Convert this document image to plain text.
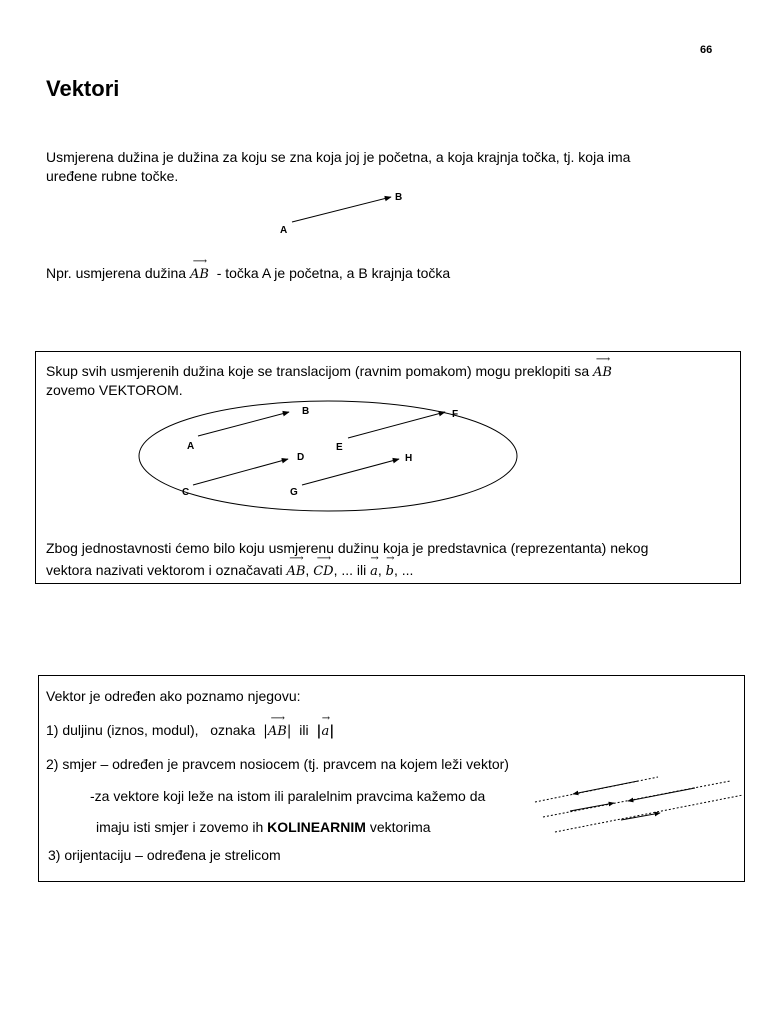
66
Vektori
Usmjerena dužina je dužina za koju se zna koja joj je početna, a koja krajnja točka, tj. koja ima
uređene rubne točke.
A
B
Npr. usmjerena dužina
⟶
AB - točka A je početna, a B krajnja točka
Skup svih usmjerenih dužina koje se translacijom (ravnim pomakom) mogu preklopiti sa
⟶
AB
zovemo VEKTOROM.
A
B
C
D
E
F
G
H
Zbog jednostavnosti ćemo bilo koju usmjerenu dužinu koja je predstavnica (reprezentanta) nekog
vektora nazivati vektorom i označavati
⟶
AB,
⟶
CD, ... ili
→
a,
→
b, ...
Vektor je određen ako poznamo njegovu:
1) duljinu (iznos, modul), oznaka |
⟶
AB| ili |
→
a|
2) smjer – određen je pravcem nosiocem (tj. pravcem na kojem leži vektor)
-za vektore koji leže na istom ili paralelnim pravcima kažemo da
imaju isti smjer i zovemo ih KOLINEARNIM vektorima
3) orijentaciju – određena je strelicom
